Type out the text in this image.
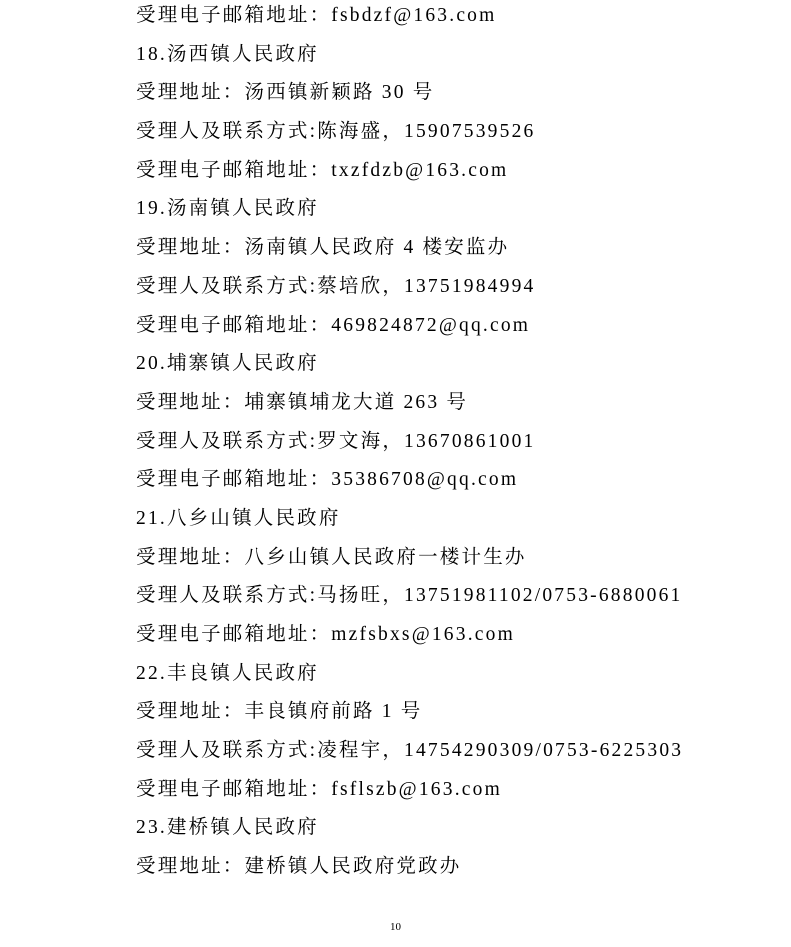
受理电子邮箱地址：fsbdzf@163.com
18.汤西镇人民政府
受理地址：汤西镇新颖路 30 号
受理人及联系方式:陈海盛，15907539526
受理电子邮箱地址：txzfdzb@163.com
19.汤南镇人民政府
受理地址：汤南镇人民政府 4 楼安监办
受理人及联系方式:蔡培欣，13751984994
受理电子邮箱地址：469824872@qq.com
20.埔寨镇人民政府
受理地址：埔寨镇埔龙大道 263 号
受理人及联系方式:罗文海，13670861001
受理电子邮箱地址：35386708@qq.com
21.八乡山镇人民政府
受理地址：八乡山镇人民政府一楼计生办
受理人及联系方式:马扬旺，13751981102/0753-6880061
受理电子邮箱地址：mzfsbxs@163.com
22.丰良镇人民政府
受理地址：丰良镇府前路 1 号
受理人及联系方式:凌程宇，14754290309/0753-6225303
受理电子邮箱地址：fsflszb@163.com
23.建桥镇人民政府
受理地址：建桥镇人民政府党政办
10
